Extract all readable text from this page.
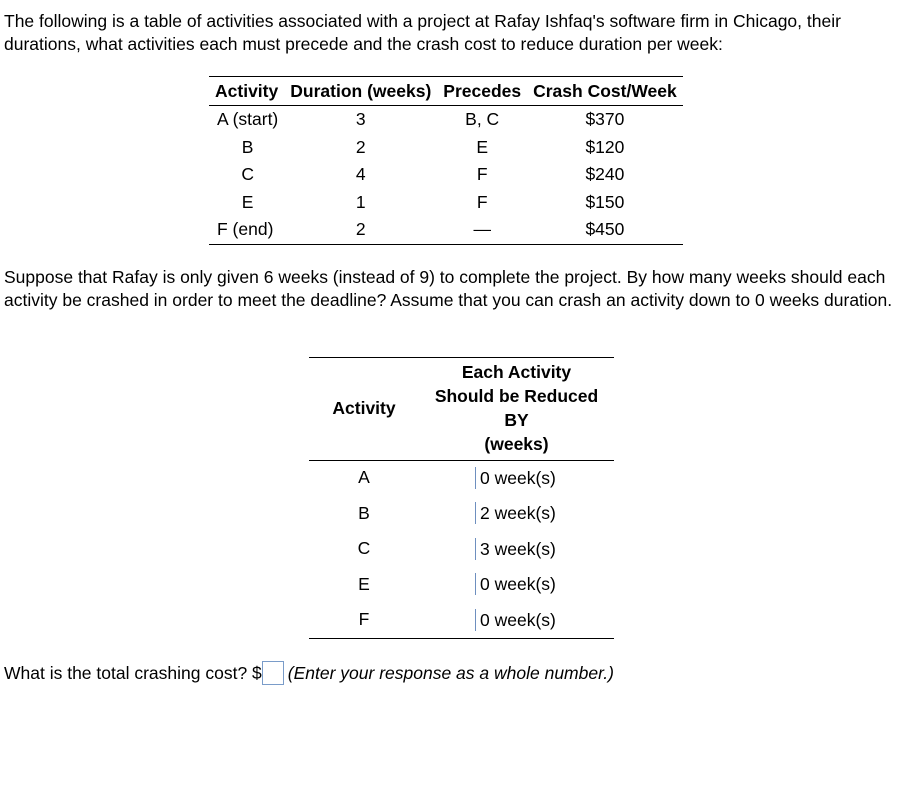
The following is a table of activities associated with a project at Rafay Ishfaq's software firm in Chicago, their durations, what activities each must precede and the crash cost to reduce duration per week:
Activity	Duration (weeks)	Precedes	Crash Cost/Week
A (start)	3	B, C	$370
B	2	E	$120
C	4	F	$240
E	1	F	$150
F (end)	2	—	$450
Suppose that Rafay is only given 6 weeks (instead of 9) to complete the project. By how many weeks should each activity be crashed in order to meet the deadline? Assume that you can crash an activity down to 0 weeks duration.
Activity	
Each Activity
Should be Reduced
BY
(weeks)
A	0 week(s)
B	2 week(s)
C	3 week(s)
E	0 week(s)
F	0 week(s)
What is the total crashing cost? $ (Enter your response as a whole number.)
